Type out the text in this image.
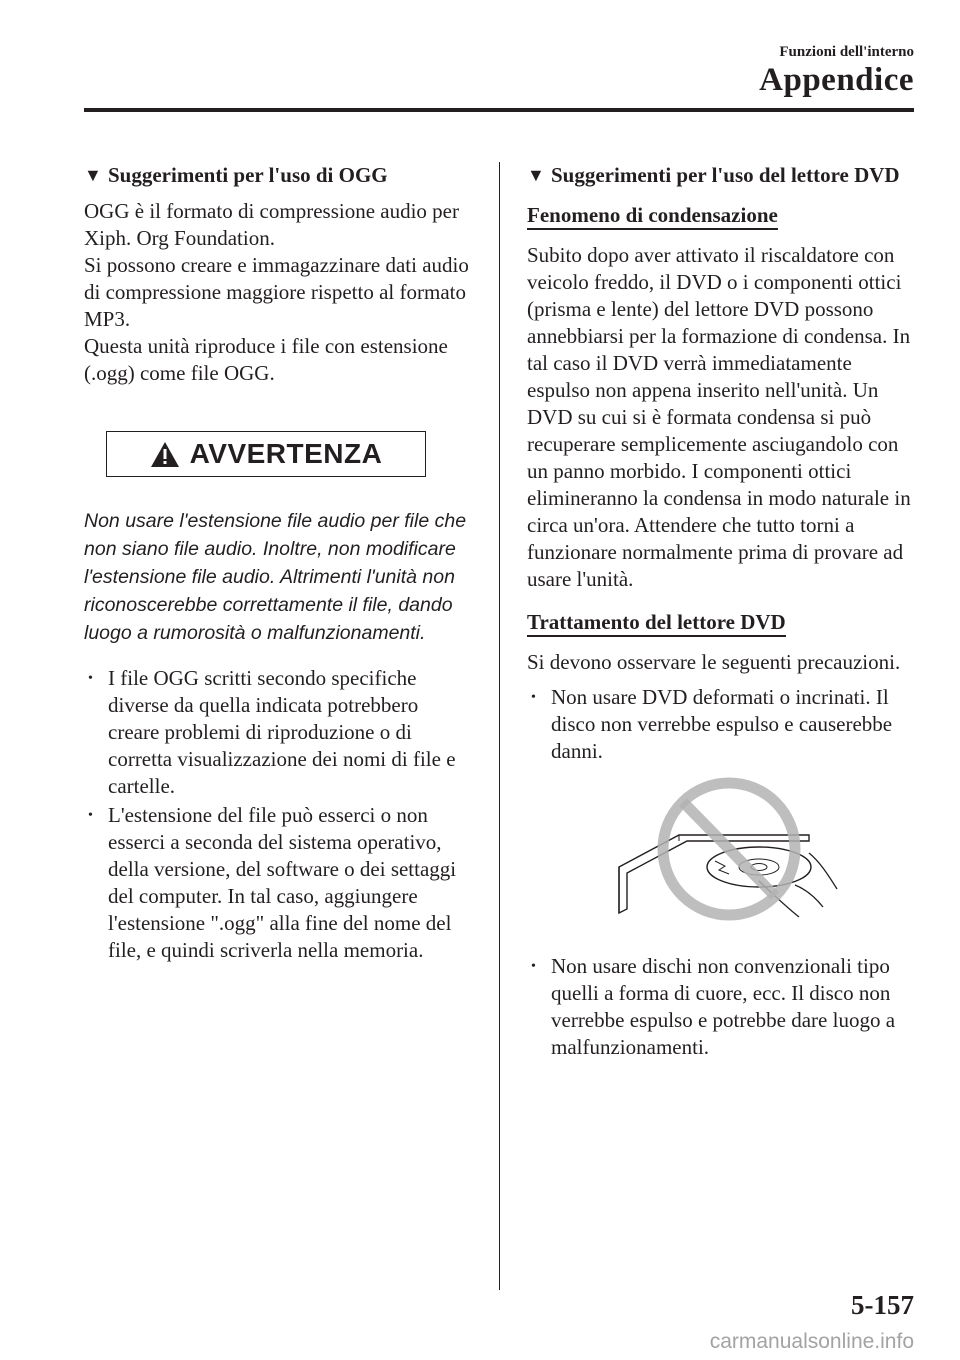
Funzioni dell'interno
Appendice
▼ Suggerimenti per l'uso di OGG

OGG è il formato di compressione audio per Xiph. Org Foundation.

Si possono creare e immagazzinare dati audio di compressione maggiore rispetto al formato MP3.

Questa unità riproduce i file con estensione (.ogg) come file OGG.

AVVERTENZA

Non usare l'estensione file audio per file che non siano file audio. Inoltre, non modificare l'estensione file audio. Altrimenti l'unità non riconoscerebbe correttamente il file, dando luogo a rumorosità o malfunzionamenti.

• I file OGG scritti secondo specifiche diverse da quella indicata potrebbero creare problemi di riproduzione o di corretta visualizzazione dei nomi di file e cartelle.
• L'estensione del file può esserci o non esserci a seconda del sistema operativo, della versione, del software o dei settaggi del computer. In tal caso, aggiungere l'estensione ".ogg" alla fine del nome del file, e quindi scriverla nella memoria.
▼ Suggerimenti per l'uso del lettore DVD
Fenomeno di condensazione

Subito dopo aver attivato il riscaldatore con veicolo freddo, il DVD o i componenti ottici (prisma e lente) del lettore DVD possono annebbiarsi per la formazione di condensa. In tal caso il DVD verrà immediatamente espulso non appena inserito nell'unità. Un DVD su cui si è formata condensa si può recuperare semplicemente asciugandolo con un panno morbido. I componenti ottici elimineranno la condensa in modo naturale in circa un'ora. Attendere che tutto torni a funzionare normalmente prima di provare ad usare l'unità.

Trattamento del lettore DVD

Si devono osservare le seguenti precauzioni.

• Non usare DVD deformati o incrinati. Il disco non verrebbe espulso e causerebbe danni.
• Non usare dischi non convenzionali tipo quelli a forma di cuore, ecc. Il disco non verrebbe espulso e potrebbe dare luogo a malfunzionamenti.
5-157
carmanualsonline.info
